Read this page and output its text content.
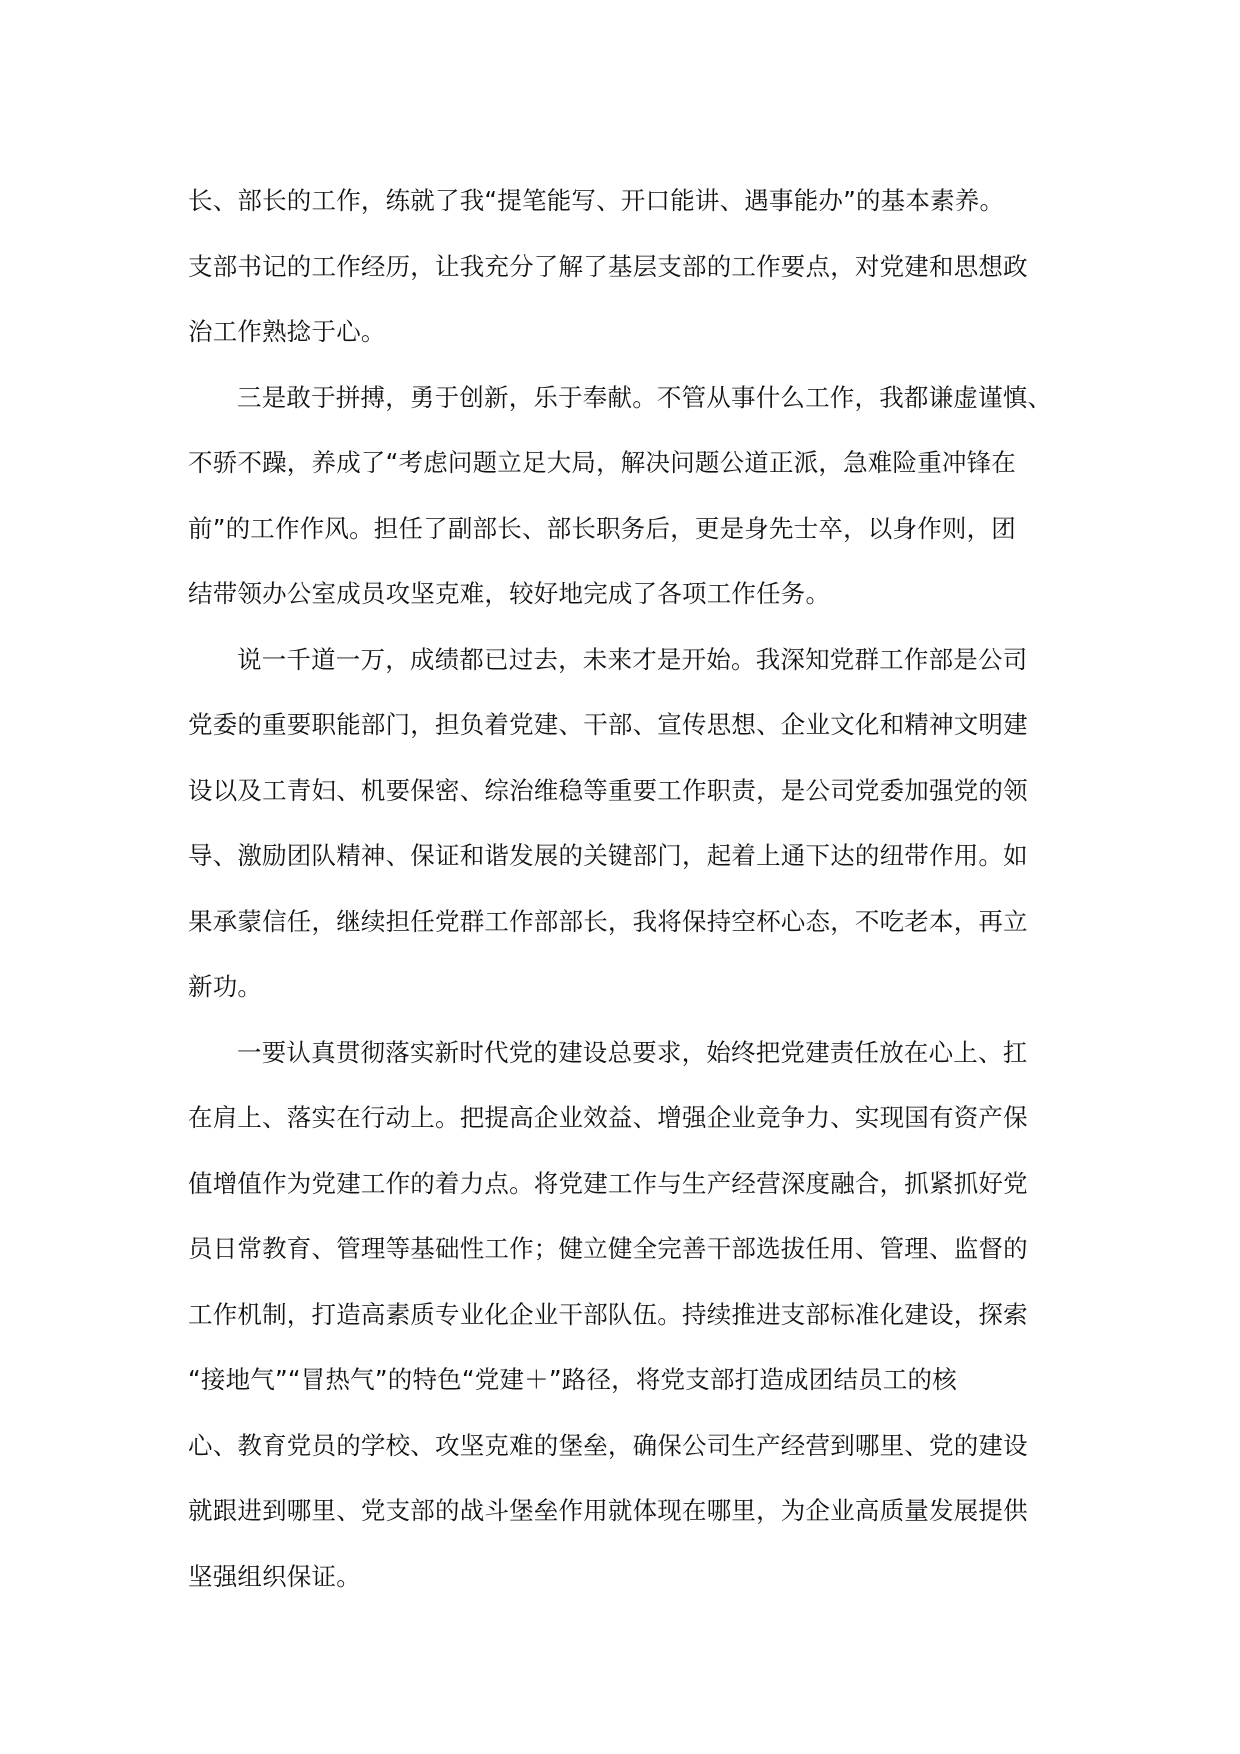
长、部长的工作，练就了我“提笔能写、开口能讲、遇事能办”的基本素养。
支部书记的工作经历，让我充分了解了基层支部的工作要点，对党建和思想政
治工作熟捻于心。

三是敢于拼搏，勇于创新，乐于奉献。不管从事什么工作，我都谦虚谨慎、
不骄不躁，养成了“考虑问题立足大局，解决问题公道正派，急难险重冲锋在
前”的工作作风。担任了副部长、部长职务后，更是身先士卒，以身作则，团
结带领办公室成员攻坚克难，较好地完成了各项工作任务。

说一千道一万，成绩都已过去，未来才是开始。我深知党群工作部是公司
党委的重要职能部门，担负着党建、干部、宣传思想、企业文化和精神文明建
设以及工青妇、机要保密、综治维稳等重要工作职责，是公司党委加强党的领
导、激励团队精神、保证和谐发展的关键部门，起着上通下达的纽带作用。如
果承蒙信任，继续担任党群工作部部长，我将保持空杯心态，不吃老本，再立
新功。

一要认真贯彻落实新时代党的建设总要求，始终把党建责任放在心上、扛
在肩上、落实在行动上。把提高企业效益、增强企业竞争力、实现国有资产保
值增值作为党建工作的着力点。将党建工作与生产经营深度融合，抓紧抓好党
员日常教育、管理等基础性工作；健立健全完善干部选拔任用、管理、监督的
工作机制，打造高素质专业化企业干部队伍。持续推进支部标准化建设，探索
“接地气”“冒热气”的特色“党建＋”路径，将党支部打造成团结员工的核
心、教育党员的学校、攻坚克难的堡垒，确保公司生产经营到哪里、党的建设
就跟进到哪里、党支部的战斗堡垒作用就体现在哪里，为企业高质量发展提供
坚强组织保证。
